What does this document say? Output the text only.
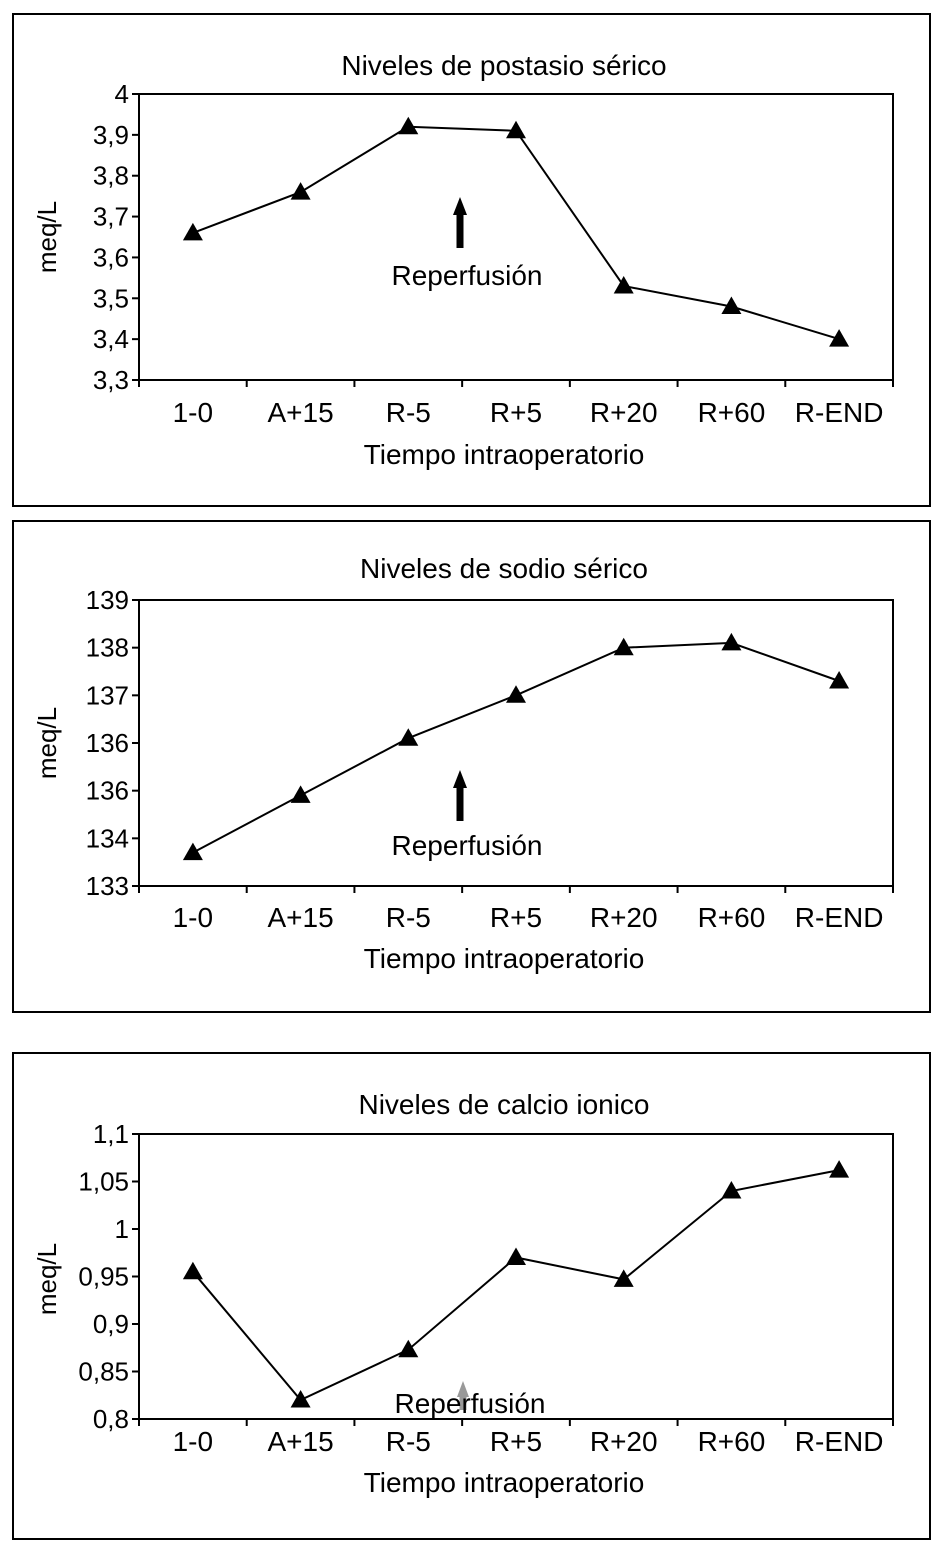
Niveles de postasio sérico
3,3
3,4
3,5
3,6
3,7
3,8
3,9
4
1-0 A+15 R-5 R+5 R+20 R+60 R-END
Tiempo intraoperatorio
meq/L
Reperfusión
Niveles de sodio sérico
133
134
136
136
137
138
139
1-0 A+15 R-5 R+5 R+20 R+60 R-END
Tiempo intraoperatorio
meq/L
Reperfusión
Niveles de calcio ionico
0,8
0,85
0,9
0,95
1
1,05
1,1
1-0 A+15 R-5 R+5 R+20 R+60 R-END
Tiempo intraoperatorio
meq/L
Reperfusión
